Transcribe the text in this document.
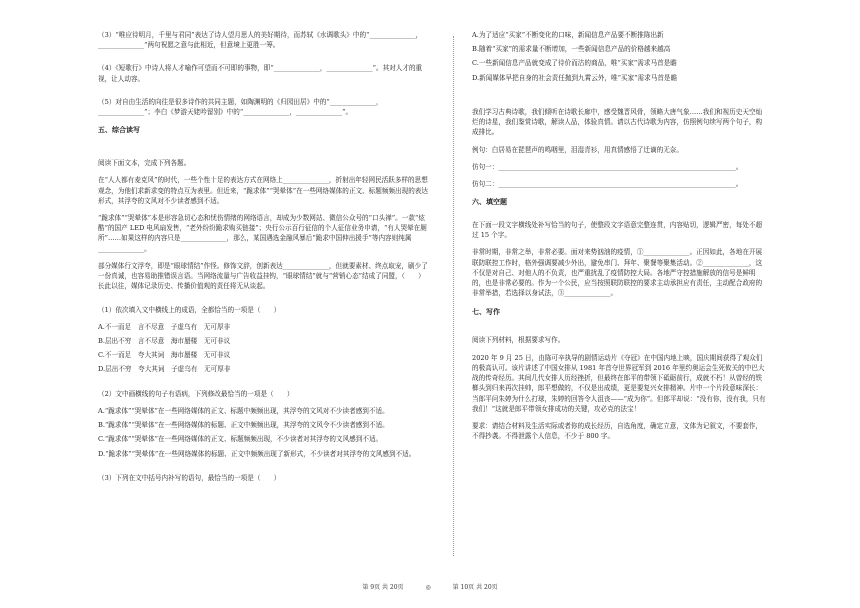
（3）“唯应待明月，千里与君同”表达了诗人望月思人的美好期待，而苏轼《水调歌头》中的“______________，______________”两句祝愿之意与此相近，但意境上更胜一筹。

（4）《短歌行》中诗人将人才喻作可望而不可即的事物，即“______________，______________”。其对人才的重视，让人动容。

（5）对自由生活的向往是很多诗作的共同主题，如陶渊明的《归园田居》中的“______________，______________”；李白《梦游天姥吟留别》中的“______________，______________”。

五、综合读写

阅读下面文本，完成下列各题。

在“人人都有麦克风”的时代，一些个性十足的表达方式在网络上______________，折射出年轻网民活跃多样的思想观念，为他们求新求变的特点互为表里。但近来，“跪求体”“哭晕体”在一些网络媒体的正文、标题频频出现的表达形式，其浮夸的文风对不少读者感到不适。

“跪求体”“哭晕体”本是形容急切心态和忧伤情绪的网络语言，却成为少数网站、微信公众号的“口头禅”。一款“炫酷”的国产 LED 电风扇发售，“老外纷纷跪求购买链接”；央行公示百行征信的个人征信业务申请，“有人哭晕在厕所”……如果这样的内容只是______________，那么，某国遇选金融风暴后“跪求中国伸出援手”等内容则纯属______________。

部分媒体行文浮夸，即是“眼球情结”作怪。修饰文辞，创新表达______________，但就要素材、终点取宠，刷少了一份真诚，也容易助推错误言语。当网络流量与广告收益挂钩，“眼球情结”就与“营销心态”结成了同盟，（　　）长此以往，媒体记录历史、传播价值观的责任将无从谈起。

（1）依次填入文中横线上的成语，全都恰当的一项是（　　）

A.不一而足　言不尽意　子虚乌有　无可厚非
B.层出不穷　言不尽意　海市蜃楼　无可非议
C.不一而足　夸大其词　海市蜃楼　无可非议
D.层出不穷　夸大其词　子虚乌有　无可厚非

（2）文中画横线的句子有语病，下列修改最恰当的一项是（　　）

A.“跪求体”“哭晕体”在一些网络媒体的正文、标题中频频出现，其浮夸的文风对不少读者感到不适。
B.“跪求体”“哭晕体”在一些网络媒体的标题、正文中频频出现，其浮夸的文风令不少读者感到不适。
C.“跪求体”“哭晕体”在一些网络媒体的正文、标题频频出现，不少读者对其浮夸的文风感到不适。
D.“跪求体”“哭晕体”在一些网络媒体的标题、正文中频频出现了新形式，不少读者对其浮夸的文风感到不适。

（3）下列在文中括号内补写的语句，最恰当的一项是（　　）

A.为了适应“买家”不断变化的口味，新闻信息产品要不断推陈出新
B.随着“买家”的需求量不断增加，一些新闻信息产品的价格越来越高
C.一些新闻信息产品就变成了待价而沽的商品，唯“买家”需求马首是瞻
D.新闻媒体早把自身的社会责任抛到九霄云外，唯“买家”需求马首是瞻

我们学习古典诗歌，我们倾听在诗歌长廊中，感受魏晋风骨，领略大唐气象……我们和视历史天空灿烂的诗星，我们鉴赏诗歌，解读人品，体验真情。请以古代诗歌为内容，仿照例句续写两个句子，构成排比。

例句：白居易在琵琶声的鸣咽里，泪湿青衫，用真情感悟了迁谪的无奈。

仿句一：________________________________________________________________________。

仿句二：________________________________________________________________________。

六、填空题

在下面一段文字横线处补写恰当的句子，使整段文字语意完整连贯，内容贴切，逻辑严密，每处不超过 15 个字。

非常时期，非常之举，非常必要。面对来势汹汹的疫情，①______________。正因如此，各地在开展联防联控工作时，格外强调要减少外出，避免串门、拜年、聚餐等聚集活动。②______________，这不仅是对自己、对他人的不负责，也严重扰乱了疫情防控大局。各地严守控措施解放的信号是鲜明的，也是非常必要的。作为一个公民，应当按照联防联控的要求主动承担应有责任，主动配合政府的非常举措，若选择以身试法，③______________。

七、写作

阅读下列材料，根据要求写作。

2020 年 9 月 25 日，由陈可辛执导的剧情运动片《夺冠》在中国内地上映，国庆期间获得了观众们的极高认可。该片讲述了中国女排从 1981 年首夺世界冠军到 2016 年里约奥运会生死攸关的中巴大战的传奇经历。其间几代女排人历经挫折，但最终在郎平的带领下砥砺前行，成就不朽！从曾经的铁榔头到归来再次挂帅，郎平想做的，不仅是出成绩，更是要复兴女排精神。片中一个片段意味深长：当郎平问朱婷为什么打球，朱婷的回答令人沮丧——“成为你”。但郎平却说：“没有你，没有我，只有我们！”这就是郎平带领女排成功的关键，攻必克的法宝！

要求：请结合材料及生活实际或者你的成长经历，自选角度，确定立意，文体为记叙文，不要套作，不得抄袭。不得泄露个人信息，不少于 800 字。

第 9页 共 20页	◎	第 10页 共 20页
